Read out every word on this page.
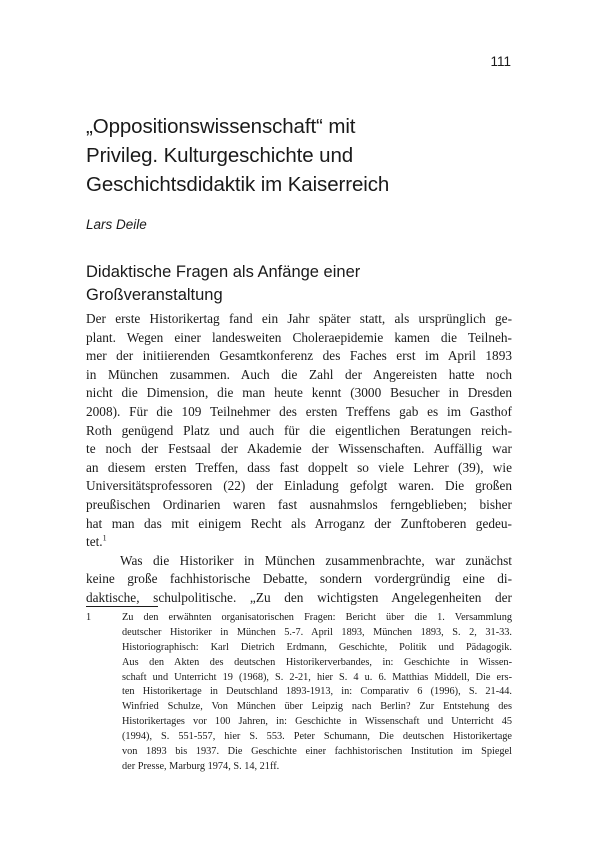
111
„Oppositionswissenschaft“ mit
Privileg. Kulturgeschichte und
Geschichtsdidaktik im Kaiserreich
Lars Deile
Didaktische Fragen als Anfänge einer
Großveranstaltung
Der erste Historikertag fand ein Jahr später statt, als ursprünglich ge-
plant. Wegen einer landesweiten Choleraepidemie kamen die Teilneh-
mer der initiierenden Gesamtkonferenz des Faches erst im April 1893
in München zusammen. Auch die Zahl der Angereisten hatte noch
nicht die Dimension, die man heute kennt (3000 Besucher in Dresden
2008). Für die 109 Teilnehmer des ersten Treffens gab es im Gasthof
Roth genügend Platz und auch für die eigentlichen Beratungen reich-
te noch der Festsaal der Akademie der Wissenschaften. Auffällig war
an diesem ersten Treffen, dass fast doppelt so viele Lehrer (39), wie
Universitätsprofessoren (22) der Einladung gefolgt waren. Die großen
preußischen Ordinarien waren fast ausnahmslos ferngeblieben; bisher
hat man das mit einigem Recht als Arroganz der Zunftoberen gedeu-
tet.$^1$
Was die Historiker in München zusammenbrachte, war zunächst
keine große fachhistorische Debatte, sondern vordergründig eine di-
daktische, schulpolitische. „Zu den wichtigsten Angelegenheiten der
1	Zu den erwähnten organisatorischen Fragen: Bericht über die 1. Versammlung
deutscher Historiker in München 5.-7. April 1893, München 1893, S. 2, 31-33.
Historiographisch: Karl Dietrich Erdmann, Geschichte, Politik und Pädagogik.
Aus den Akten des deutschen Historikerverbandes, in: Geschichte in Wissen-
schaft und Unterricht 19 (1968), S. 2-21, hier S. 4 u. 6. Matthias Middell, Die ers-
ten Historikertage in Deutschland 1893-1913, in: Comparativ 6 (1996), S. 21-44.
Winfried Schulze, Von München über Leipzig nach Berlin? Zur Entstehung des
Historikertages vor 100 Jahren, in: Geschichte in Wissenschaft und Unterricht 45
(1994), S. 551-557, hier S. 553. Peter Schumann, Die deutschen Historikertage
von 1893 bis 1937. Die Geschichte einer fachhistorischen Institution im Spiegel
der Presse, Marburg 1974, S. 14, 21ff.
